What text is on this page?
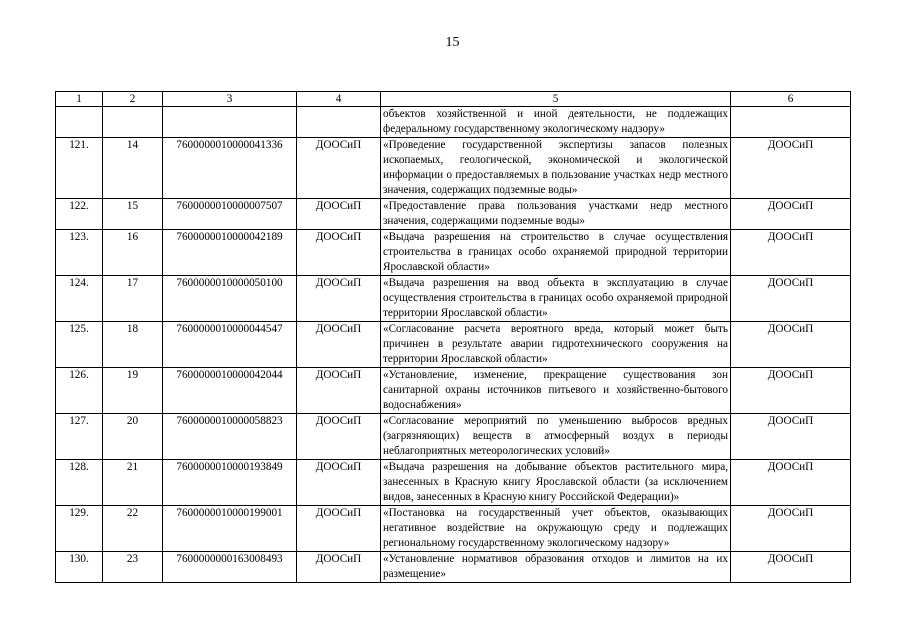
15
1	2	3	4	5	6
				объектов хозяйственной и иной деятельности, не подлежащих федеральному государственному экологическому надзору»	
121.	14	7600000010000041336	ДООСиП	«Проведение государственной экспертизы запасов полезных ископаемых, геологической, экономической и экологической информации о предоставляемых в пользование участках недр местного значения, содержащих подземные воды»	ДООСиП
122.	15	7600000010000007507	ДООСиП	«Предоставление права пользования участками недр местного значения, содержащими подземные воды»	ДООСиП
123.	16	7600000010000042189	ДООСиП	«Выдача разрешения на строительство в случае осуществления строительства в границах особо охраняемой природной территории Ярославской области»	ДООСиП
124.	17	7600000010000050100	ДООСиП	«Выдача разрешения на ввод объекта в эксплуатацию в случае осуществления строительства в границах особо охраняемой природной территории Ярославской области»	ДООСиП
125.	18	7600000010000044547	ДООСиП	«Согласование расчета вероятного вреда, который может быть причинен в результате аварии гидротехнического сооружения на территории Ярославской области»	ДООСиП
126.	19	7600000010000042044	ДООСиП	«Установление, изменение, прекращение существования зон санитарной охраны источников питьевого и хозяйственно-бытового водоснабжения»	ДООСиП
127.	20	7600000010000058823	ДООСиП	«Согласование мероприятий по уменьшению выбросов вредных (загрязняющих) веществ в атмосферный воздух в периоды неблагоприятных метеорологических условий»	ДООСиП
128.	21	7600000010000193849	ДООСиП	«Выдача разрешения на добывание объектов растительного мира, занесенных в Красную книгу Ярославской области (за исключением видов, занесенных в Красную книгу Российской Федерации)»	ДООСиП
129.	22	7600000010000199001	ДООСиП	«Постановка на государственный учет объектов, оказывающих негативное воздействие на окружающую среду и подлежащих региональному государственному экологическому надзору»	ДООСиП
130.	23	7600000000163008493	ДООСиП	«Установление нормативов образования отходов и лимитов на их размещение»	ДООСиП
